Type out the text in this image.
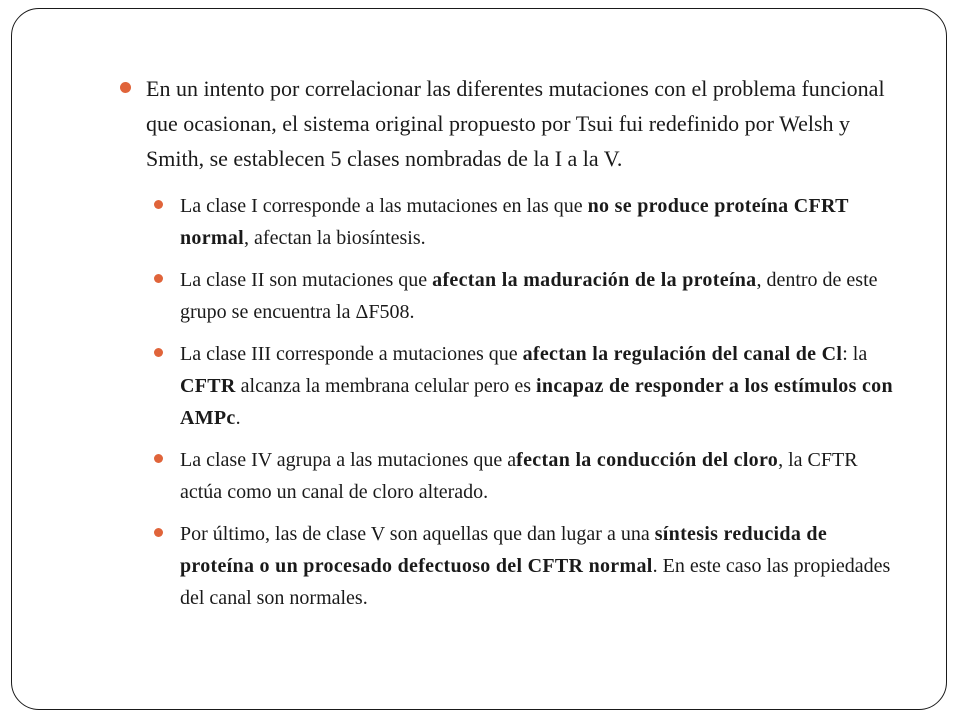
En un intento por correlacionar las diferentes mutaciones con el problema funcional que ocasionan, el sistema original propuesto por Tsui fui redefinido por Welsh y Smith, se establecen 5 clases nombradas de la I a la V.
La clase I corresponde a las mutaciones en las que no se produce proteína CFRT normal, afectan la biosíntesis.
La clase II son mutaciones que afectan la maduración de la proteína, dentro de este grupo se encuentra la ΔF508.
La clase III corresponde a mutaciones que afectan la regulación del canal de Cl: la CFTR alcanza la membrana celular pero es incapaz de responder a los estímulos con AMPc.
La clase IV agrupa a las mutaciones que afectan la conducción del cloro, la CFTR actúa como un canal de cloro alterado.
Por último, las de clase V son aquellas que dan lugar a una síntesis reducida de proteína o un procesado defectuoso del CFTR normal. En este caso las propiedades del canal son normales.
